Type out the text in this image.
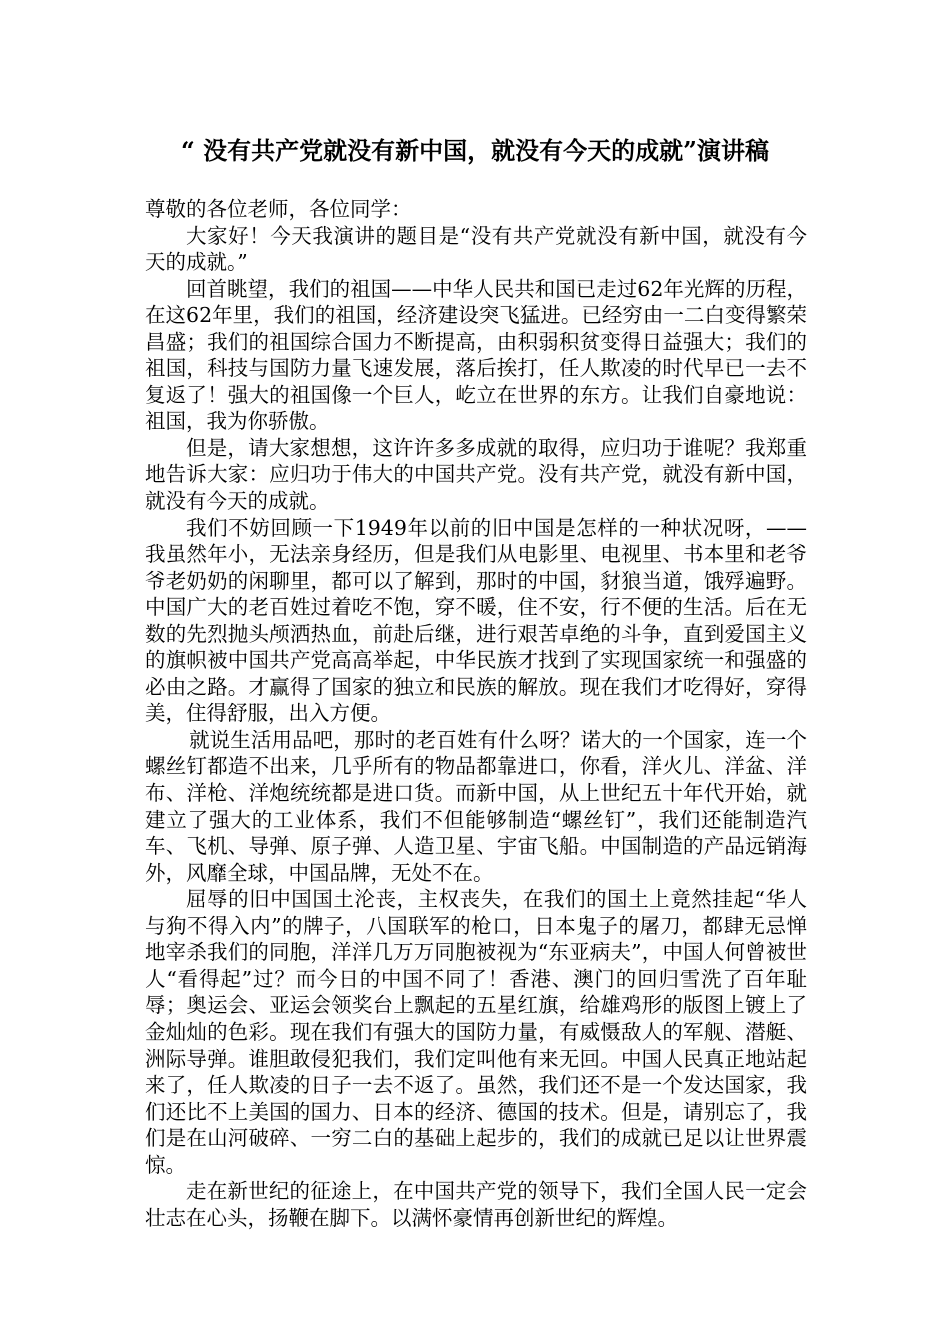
“ 没有共产党就没有新中国，就没有今天的成就”演讲稿

尊敬的各位老师，各位同学：

大家好！今天我演讲的题目是“没有共产党就没有新中国，就没有今天的成就。”

回首眺望，我们的祖国——中华人民共和国已走过62年光辉的历程，在这62年里，我们的祖国，经济建设突飞猛进。已经穷由一二白变得繁荣昌盛；我们的祖国综合国力不断提高，由积弱积贫变得日益强大；我们的祖国，科技与国防力量飞速发展，落后挨打，任人欺凌的时代早已一去不复返了！强大的祖国像一个巨人，屹立在世界的东方。让我们自豪地说：祖国，我为你骄傲。

但是，请大家想想，这许许多多成就的取得，应归功于谁呢？我郑重地告诉大家：应归功于伟大的中国共产党。没有共产党，就没有新中国，就没有今天的成就。

我们不妨回顾一下1949年以前的旧中国是怎样的一种状况呀，——我虽然年小，无法亲身经历，但是我们从电影里、电视里、书本里和老爷爷老奶奶的闲聊里，都可以了解到，那时的中国，豺狼当道，饿殍遍野。中国广大的老百姓过着吃不饱，穿不暖，住不安，行不便的生活。后在无数的先烈抛头颅洒热血，前赴后继，进行艰苦卓绝的斗争，直到爱国主义的旗帜被中国共产党高高举起，中华民族才找到了实现国家统一和强盛的必由之路。才赢得了国家的独立和民族的解放。现在我们才吃得好，穿得美，住得舒服，出入方便。

就说生活用品吧，那时的老百姓有什么呀？诺大的一个国家，连一个螺丝钉都造不出来，几乎所有的物品都靠进口，你看，洋火儿、洋盆、洋布、洋枪、洋炮统统都是进口货。而新中国，从上世纪五十年代开始，就建立了强大的工业体系，我们不但能够制造“螺丝钉”，我们还能制造汽车、飞机、导弹、原子弹、人造卫星、宇宙飞船。中国制造的产品远销海外，风靡全球，中国品牌，无处不在。

屈辱的旧中国国土沦丧，主权丧失，在我们的国土上竟然挂起“华人与狗不得入内”的牌子，八国联军的枪口，日本鬼子的屠刀，都肆无忌惮地宰杀我们的同胞，洋洋几万万同胞被视为“东亚病夫”，中国人何曾被世人“看得起”过？而今日的中国不同了！香港、澳门的回归雪洗了百年耻辱；奥运会、亚运会领奖台上飘起的五星红旗，给雄鸡形的版图上镀上了金灿灿的色彩。现在我们有强大的国防力量，有威慑敌人的军舰、潜艇、洲际导弹。谁胆敢侵犯我们，我们定叫他有来无回。中国人民真正地站起来了，任人欺凌的日子一去不返了。虽然，我们还不是一个发达国家，我们还比不上美国的国力、日本的经济、德国的技术。但是，请别忘了，我们是在山河破碎、一穷二白的基础上起步的，我们的成就已足以让世界震惊。

走在新世纪的征途上，在中国共产党的领导下，我们全国人民一定会壮志在心头，扬鞭在脚下。以满怀豪情再创新世纪的辉煌。
